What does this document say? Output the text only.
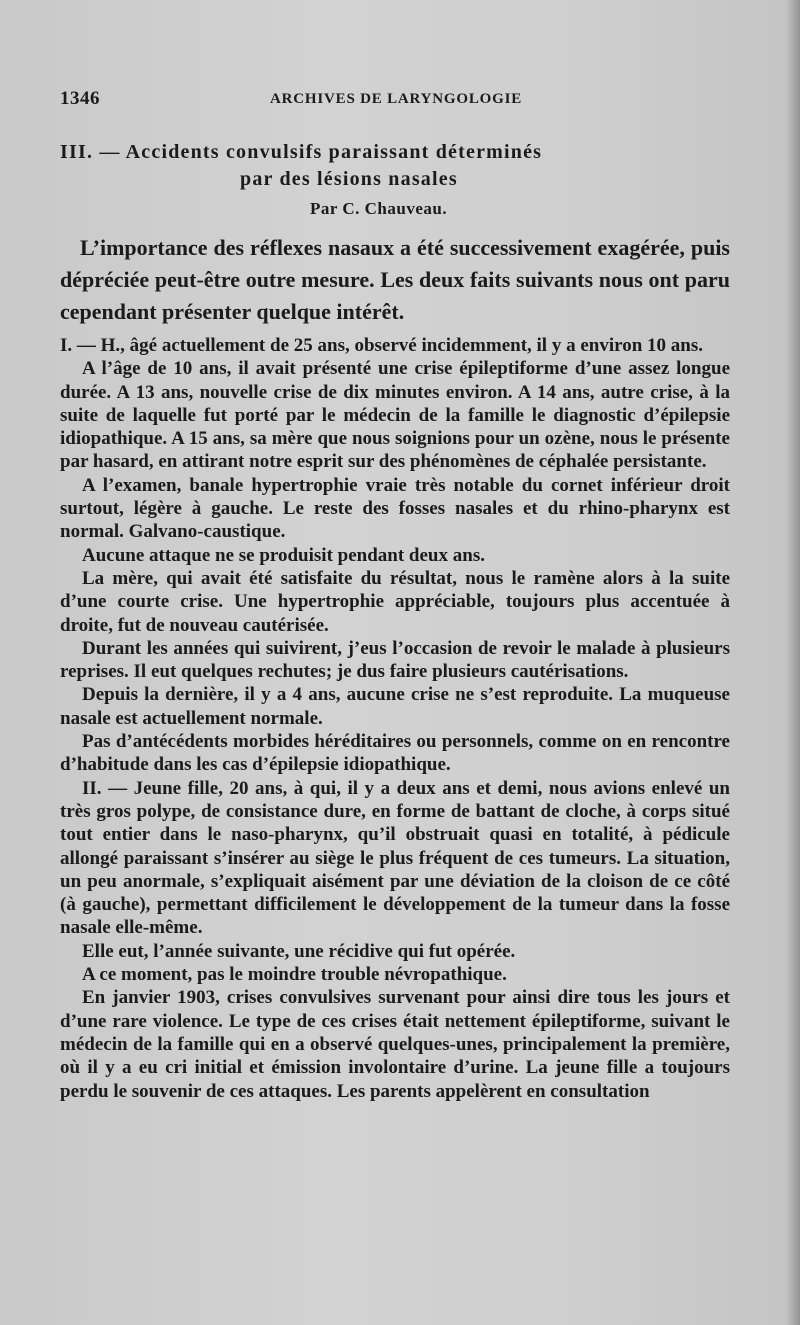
1346	ARCHIVES DE LARYNGOLOGIE

III. — Accidents convulsifs paraissant déterminés

par des lésions nasales

Par C. Chauveau.

L’importance des réflexes nasaux a été successivement exagérée, puis dépréciée peut-être outre mesure. Les deux faits suivants nous ont paru cependant présenter quelque intérêt.

I. — H., âgé actuellement de 25 ans, observé incidemment, il y a environ 10 ans.

A l’âge de 10 ans, il avait présenté une crise épileptiforme d’une assez longue durée. A 13 ans, nouvelle crise de dix minutes environ. A 14 ans, autre crise, à la suite de laquelle fut porté par le médecin de la famille le diagnostic d’épilepsie idiopathique. A 15 ans, sa mère que nous soignions pour un ozène, nous le présente par hasard, en attirant notre esprit sur des phénomènes de céphalée persistante.

A l’examen, banale hypertrophie vraie très notable du cornet inférieur droit surtout, légère à gauche. Le reste des fosses nasales et du rhino-pharynx est normal. Galvano-caustique.

Aucune attaque ne se produisit pendant deux ans.

La mère, qui avait été satisfaite du résultat, nous le ramène alors à la suite d’une courte crise. Une hypertrophie appréciable, toujours plus accentuée à droite, fut de nouveau cautérisée.

Durant les années qui suivirent, j’eus l’occasion de revoir le malade à plusieurs reprises. Il eut quelques rechutes; je dus faire plusieurs cautérisations.

Depuis la dernière, il y a 4 ans, aucune crise ne s’est reproduite. La muqueuse nasale est actuellement normale.

Pas d’antécédents morbides héréditaires ou personnels, comme on en rencontre d’habitude dans les cas d’épilepsie idiopathique.

II. — Jeune fille, 20 ans, à qui, il y a deux ans et demi, nous avions enlevé un très gros polype, de consistance dure, en forme de battant de cloche, à corps situé tout entier dans le naso-pharynx, qu’il obstruait quasi en totalité, à pédicule allongé paraissant s’insérer au siège le plus fréquent de ces tumeurs. La situation, un peu anormale, s’expliquait aisément par une déviation de la cloison de ce côté (à gauche), permettant difficilement le développement de la tumeur dans la fosse nasale elle-même.

Elle eut, l’année suivante, une récidive qui fut opérée.

A ce moment, pas le moindre trouble névropathique.

En janvier 1903, crises convulsives survenant pour ainsi dire tous les jours et d’une rare violence. Le type de ces crises était nettement épileptiforme, suivant le médecin de la famille qui en a observé quelques-unes, principalement la première, où il y a eu cri initial et émission involontaire d’urine. La jeune fille a toujours perdu le souvenir de ces attaques. Les parents appelèrent en consultation
